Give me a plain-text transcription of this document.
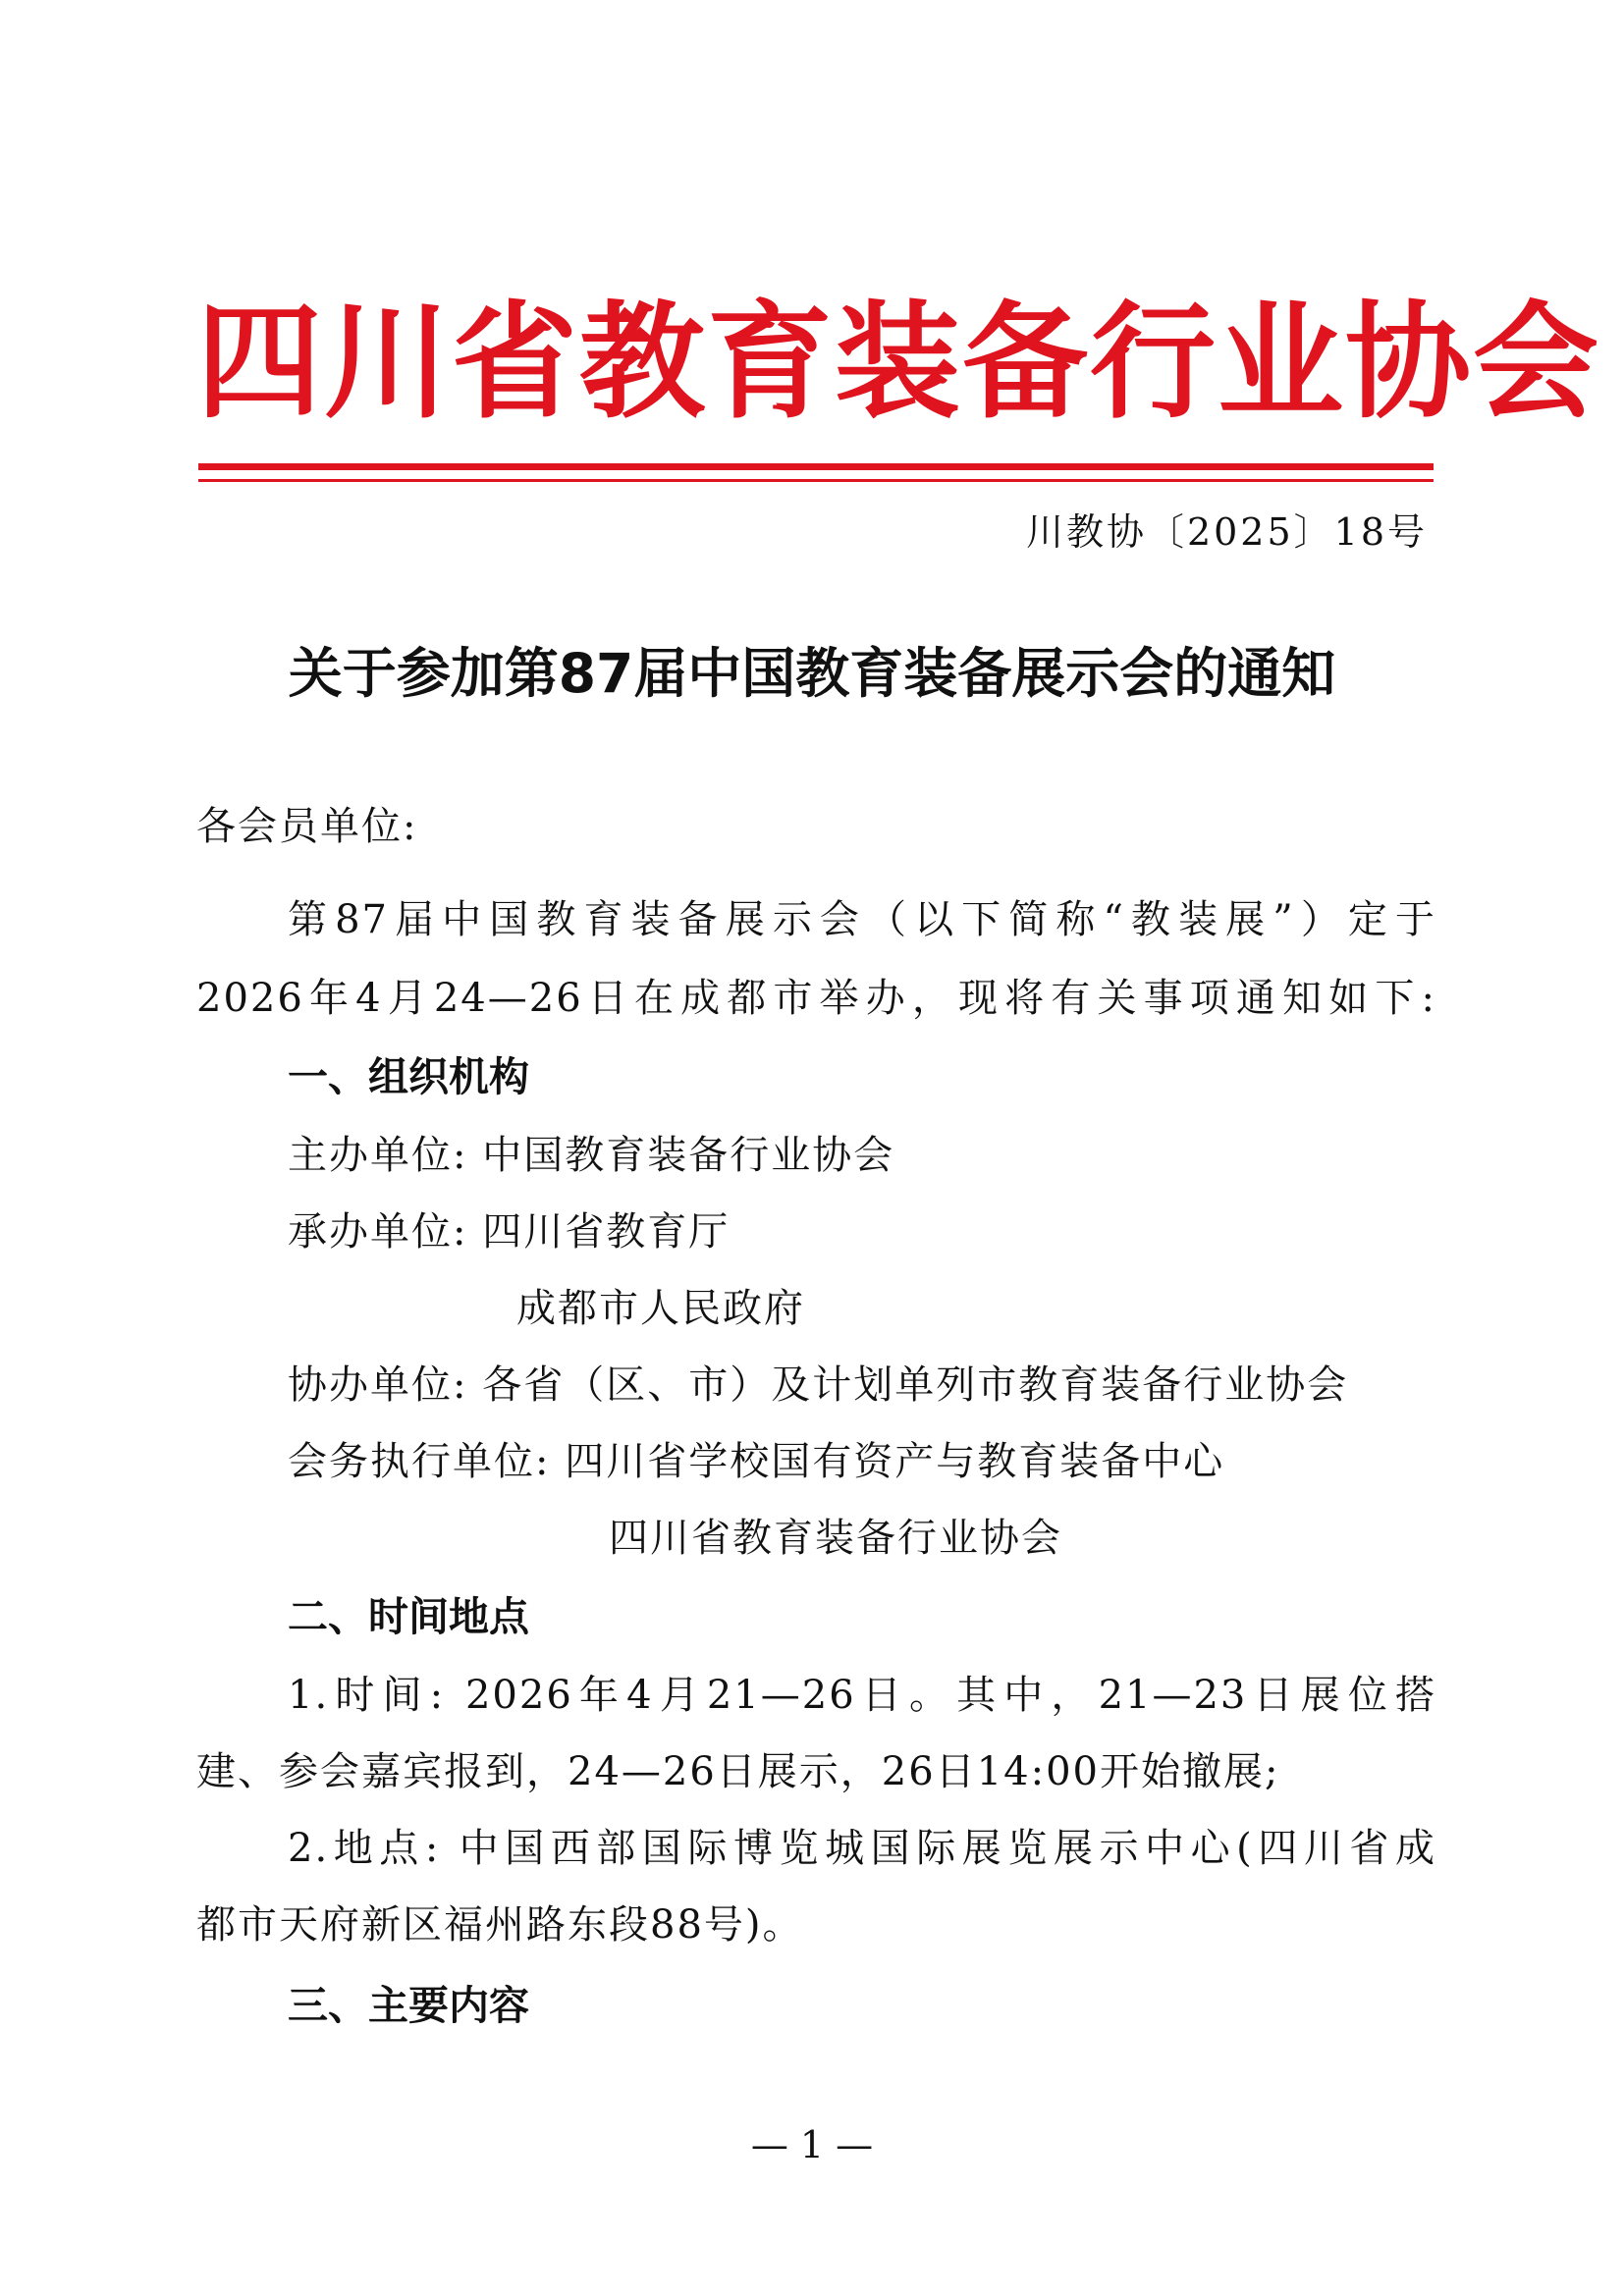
四川省教育装备行业协会
川教协〔2025〕18号
关于参加第87届中国教育装备展示会的通知
各会员单位:
第87届中国教育装备展示会（以下简称“教装展”）定于
2026年4月24—26日在成都市举办，现将有关事项通知如下:
一、组织机构
主办单位: 中国教育装备行业协会
承办单位: 四川省教育厅
成都市人民政府
协办单位: 各省（区、市）及计划单列市教育装备行业协会
会务执行单位: 四川省学校国有资产与教育装备中心
四川省教育装备行业协会
二、时间地点
1.时间: 2026年4月21—26日。其中，21—23日展位搭
建、参会嘉宾报到，24—26日展示，26日14:00开始撤展;
2.地点: 中国西部国际博览城国际展览展示中心(四川省成
都市天府新区福州路东段88号)。
三、主要内容
— 1 —
